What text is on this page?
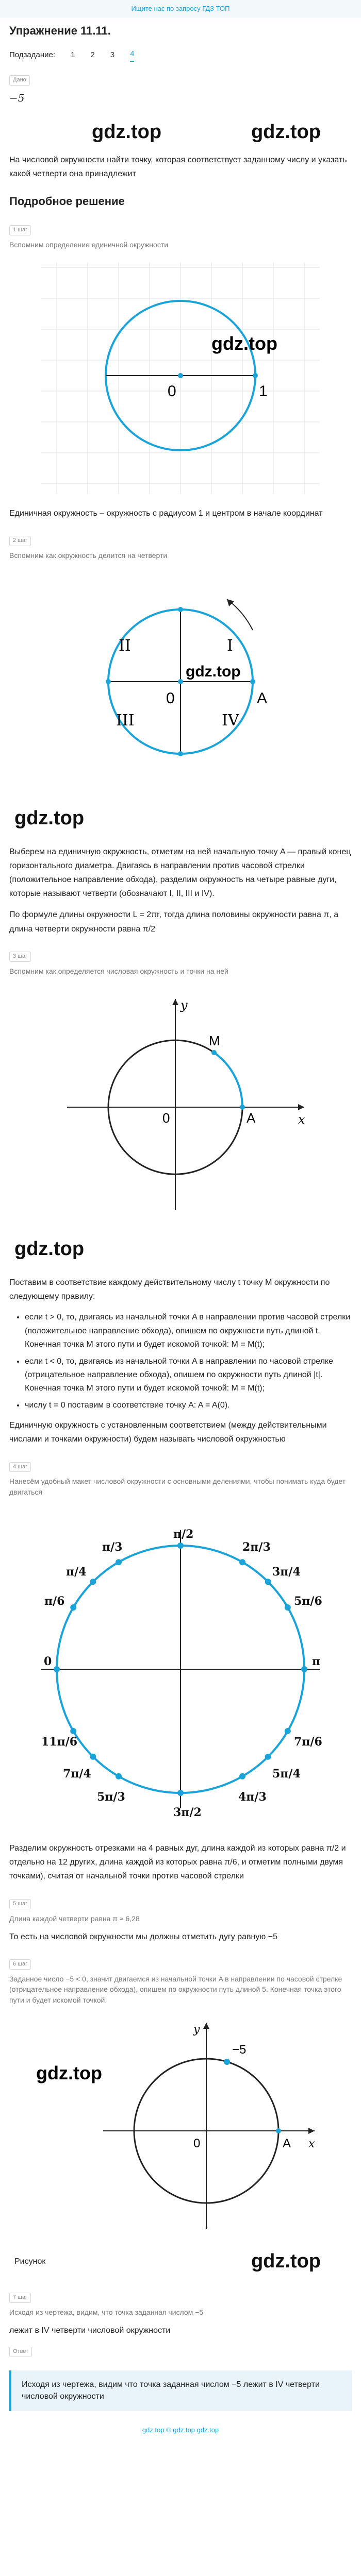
Ищите нас по запросу ГДЗ ТОП
Упражнение 11.11.
Подзадание: 1 2 3 4
Дано
−5
gdz.top	gdz.top

На числовой окружности найти точку, которая соответствует заданному числу и указать какой четверти она принадлежит

Подробное решение
1 шаг
Вспомним определение единичной окружности
0	1
gdz.top

Единичная окружность – окружность с радиусом 1 и центром в начале координат

2 шаг
Вспомним как окружность делится на четверти
I
II
III	IV
0	A
gdz.top
gdz.top

Выберем на единичную окружность, отметим на ней начальную точку A — правый конец горизонтального диаметра. Двигаясь в направлении против часовой стрелки (положительное направление обхода), разделим окружность на четыре равные дуги, которые называют четверти (обозначают I, II, III и IV).

По формуле длины окружности L = 2πr, тогда длина половины окружности равна π, а длина четверти окружности равна π/2

3 шаг
Вспомним как определяется числовая окружность и точки на ней
x
y
0
M
A
gdz.top

Поставим в соответствие каждому действительному числу t точку M окружности по следующему правилу:

• если t > 0, то, двигаясь из начальной точки A в направлении против часовой стрелки (положительное направление обхода), опишем по окружности путь длиной t. Конечная точка M этого пути и будет искомой точкой: M = M(t);
• если t < 0, то, двигаясь из начальной точки A в направлении по часовой стрелке (отрицательное направление обхода), опишем по окружности путь длиной |t|. Конечная точка M этого пути и будет искомой точкой: M = M(t);
• числу t = 0 поставим в соответствие точку A: A = A(0).

Единичную окружность с установленным соответствием (между действительными числами и точками окружности) будем называть числовой окружностью

4 шаг
Нанесём удобный макет числовой окружности с основными делениями, чтобы понимать куда будет двигаться
π/2
2π/3
π/3
3π/4
π/4
5π/6
π/6
π
0
7π/6
11π/6
5π/4
7π/4
4π/3
5π/3
3π/2

Разделим окружность отрезками на 4 равных дуг, длина каждой из которых равна π/2 и отдельно на 12 других, длина каждой из которых равна π/6, и отметим полными двумя точками), считая от начальной точки против часовой стрелки

5 шаг
Длина каждой четверти равна π ≈ 6,28

То есть на числовой окружности мы должны отметить дугу равную −5

6 шаг
Заданное число −5 < 0, значит двигаемся из начальной точки A в направлении по часовой стрелке (отрицательное направление обхода), опишем по окружности путь длиной 5. Конечная точка этого пути и будет искомой точкой.
x
y
0	A
−5
gdz.top
Рисунок	gdz.top
7 шаг
Исходя из чертежа, видим, что точка заданная числом −5

лежит в IV четверти числовой окружности

Ответ
Исходя из чертежа, видим что точка заданная числом −5 лежит в IV четверти числовой окружности
gdz.top © gdz.top gdz.top
